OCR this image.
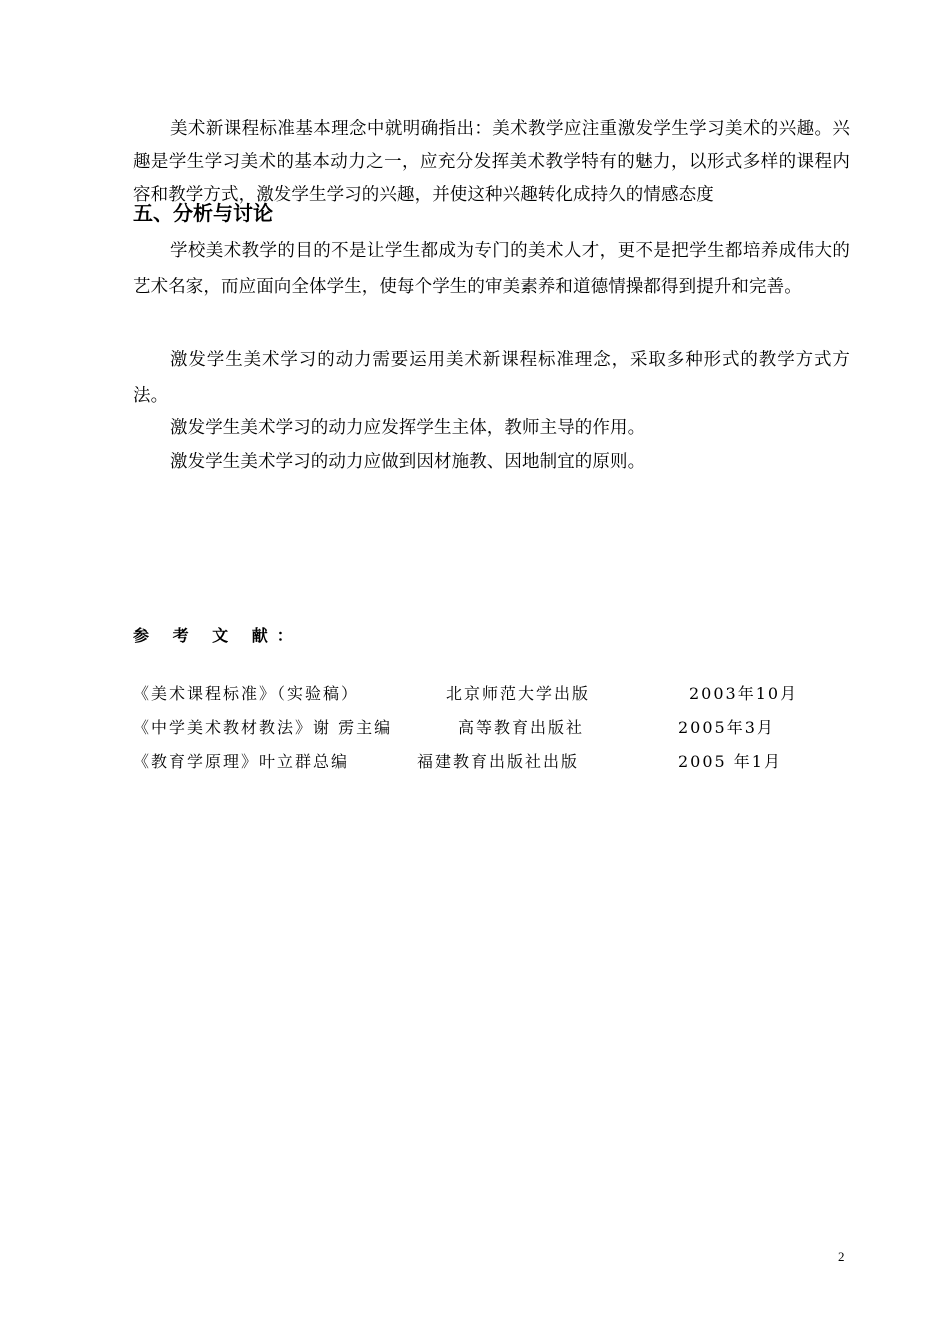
美术新课程标准基本理念中就明确指出：美术教学应注重激发学生学习美术的兴趣。兴趣是学生学习美术的基本动力之一，应充分发挥美术教学特有的魅力，以形式多样的课程内容和教学方式，激发学生学习的兴趣，并使这种兴趣转化成持久的情感态度
五、分析与讨论
学校美术教学的目的不是让学生都成为专门的美术人才，更不是把学生都培养成伟大的艺术名家，而应面向全体学生，使每个学生的审美素养和道德情操都得到提升和完善。
激发学生美术学习的动力需要运用美术新课程标准理念，采取多种形式的教学方式方法。
激发学生美术学习的动力应发挥学生主体，教师主导的作用。
激发学生美术学习的动力应做到因材施教、因地制宜的原则。
参 考 文 献：
《美术课程标准》（实验稿）	北京师范大学出版	2003年10月
《中学美术教材教法》谢 雳主编	高等教育出版社	2005年3月
《教育学原理》叶立群总编	福建教育出版社出版	2005 年1月
2
